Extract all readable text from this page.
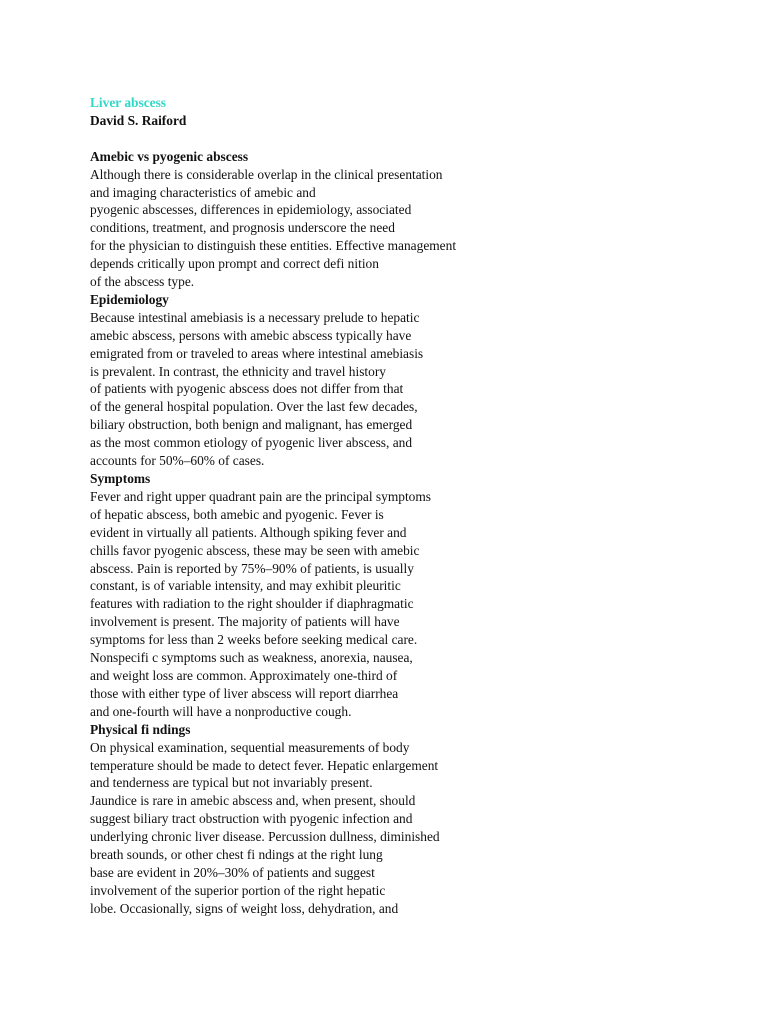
Liver abscess
David S. Raiford
Amebic vs pyogenic abscess
Although there is considerable overlap in the clinical presentation
and imaging characteristics of amebic and
pyogenic abscesses, differences in epidemiology, associated
conditions, treatment, and prognosis underscore the need
for the physician to distinguish these entities. Effective management
depends critically upon prompt and correct defi nition
of the abscess type.
Epidemiology
Because intestinal amebiasis is a necessary prelude to hepatic
amebic abscess, persons with amebic abscess typically have
emigrated from or traveled to areas where intestinal amebiasis
is prevalent. In contrast, the ethnicity and travel history
of patients with pyogenic abscess does not differ from that
of the general hospital population. Over the last few decades,
biliary obstruction, both benign and malignant, has emerged
as the most common etiology of pyogenic liver abscess, and
accounts for 50%–60% of cases.
Symptoms
Fever and right upper quadrant pain are the principal symptoms
of hepatic abscess, both amebic and pyogenic. Fever is
evident in virtually all patients. Although spiking fever and
chills favor pyogenic abscess, these may be seen with amebic
abscess. Pain is reported by 75%–90% of patients, is usually
constant, is of variable intensity, and may exhibit pleuritic
features with radiation to the right shoulder if diaphragmatic
involvement is present. The majority of patients will have
symptoms for less than 2 weeks before seeking medical care.
Nonspecifi c symptoms such as weakness, anorexia, nausea,
and weight loss are common. Approximately one-third of
those with either type of liver abscess will report diarrhea
and one-fourth will have a nonproductive cough.
Physical fi ndings
On physical examination, sequential measurements of body
temperature should be made to detect fever. Hepatic enlargement
and tenderness are typical but not invariably present.
Jaundice is rare in amebic abscess and, when present, should
suggest biliary tract obstruction with pyogenic infection and
underlying chronic liver disease. Percussion dullness, diminished
breath sounds, or other chest fi ndings at the right lung
base are evident in 20%–30% of patients and suggest
involvement of the superior portion of the right hepatic
lobe. Occasionally, signs of weight loss, dehydration, and
